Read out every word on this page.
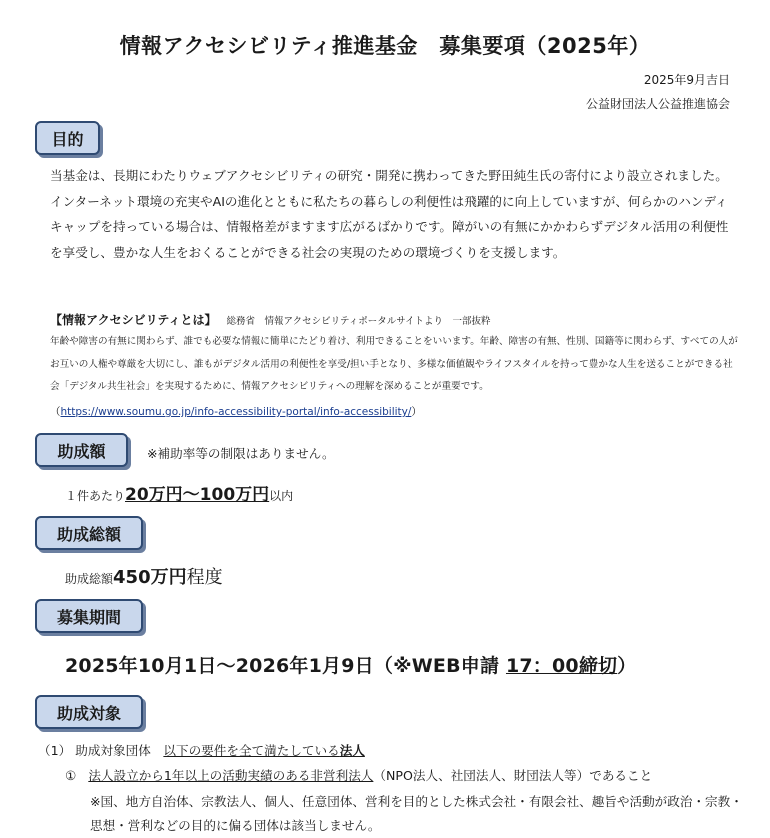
情報アクセシビリティ推進基金　募集要項（2025年）
2025年9月吉日
公益財団法人公益推進協会
目的
当基金は、長期にわたりウェブアクセシビリティの研究・開発に携わってきた野田純生氏の寄付により設立されました。インターネット環境の充実やAIの進化とともに私たちの暮らしの利便性は飛躍的に向上していますが、何らかのハンディキャップを持っている場合は、情報格差がますます広がるばかりです。障がいの有無にかかわらずデジタル活用の利便性を享受し、豊かな人生をおくることができる社会の実現のための環境づくりを支援します。
【情報アクセシビリティとは】 総務省　情報アクセシビリティポータルサイトより　一部抜粋
年齢や障害の有無に関わらず、誰でも必要な情報に簡単にたどり着け、利用できることをいいます。年齢、障害の有無、性別、国籍等に関わらず、すべての人がお互いの人権や尊厳を大切にし、誰もがデジタル活用の利便性を享受/担い手となり、多様な価値観やライフスタイルを持って豊かな人生を送ることができる社会「デジタル共生社会」を実現するために、情報アクセシビリティへの理解を深めることが重要です。
（https://www.soumu.go.jp/info-accessibility-portal/info-accessibility/）
助成額	※補助率等の制限はありません。
１件あたり20万円～100万円以内
助成総額
助成総額450万円程度
募集期間
2025年10月1日～2026年1月9日（※WEB申請 17：00締切）
助成対象
（1） 助成対象団体　以下の要件を全て満たしている法人
① 法人設立から1年以上の活動実績のある非営利法人（NPO法人、社団法人、財団法人等）であること
※国、地方自治体、宗教法人、個人、任意団体、営利を目的とした株式会社・有限会社、趣旨や活動が政治・宗教・思想・営利などの目的に偏る団体は該当しません。
